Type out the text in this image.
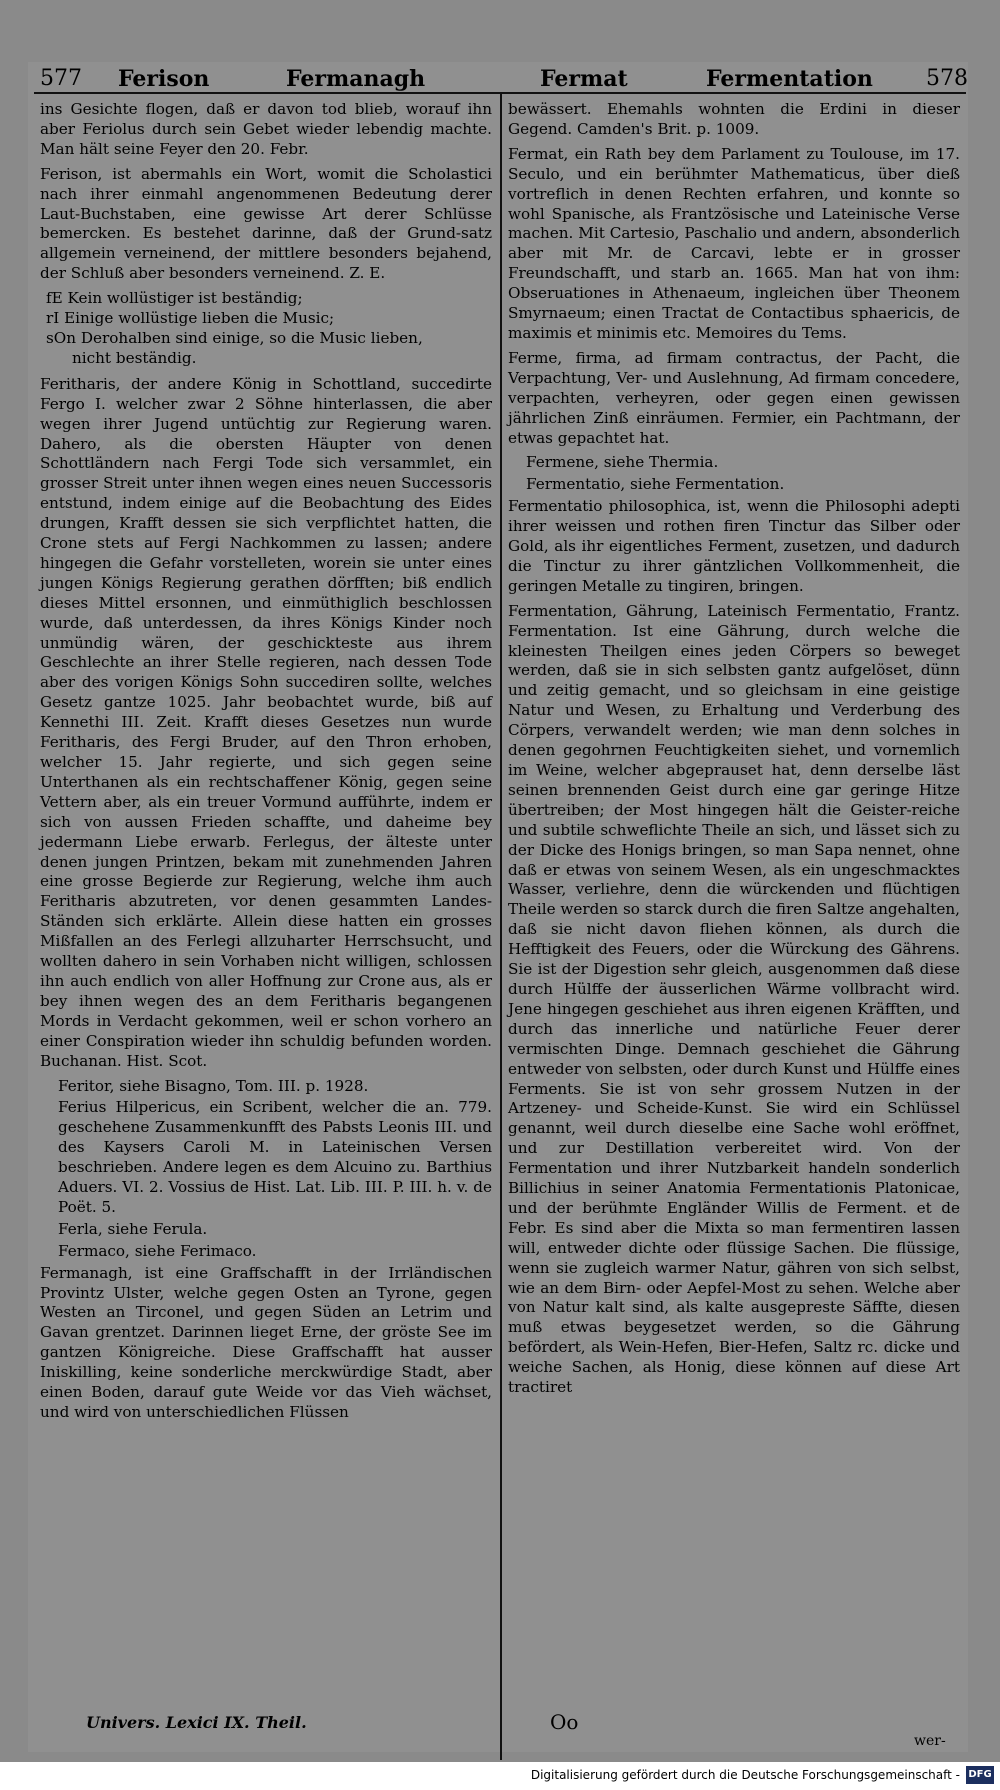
577 Ferison	Fermanagh	Fermat	Fermentation 578

ins Gesichte flogen, daß er davon tod blieb, worauf ihn aber Feriolus durch sein Gebet wieder lebendig machte. Man hält seine Feyer den 20. Febr.

Ferison, ist abermahls ein Wort, womit die Scholastici nach ihrer einmahl angenommenen Bedeutung derer Laut-Buchstaben, eine gewisse Art derer Schlüsse bemercken. Es bestehet darinne, daß der Grund-satz allgemein verneinend, der mittlere besonders bejahend, der Schluß aber besonders verneinend. Z. E.

fE Kein wollüstiger ist beständig;
rI Einige wollüstige lieben die Music;
sOn Derohalben sind einige, so die Music lieben,
nicht beständig.

Feritharis, der andere König in Schottland, succedirte Fergo I. welcher zwar 2 Söhne hinterlassen, die aber wegen ihrer Jugend untüchtig zur Regierung waren. Dahero, als die obersten Häupter von denen Schottländern nach Fergi Tode sich versammlet, ein grosser Streit unter ihnen wegen eines neuen Successoris entstund, indem einige auf die Beobachtung des Eides drungen, Krafft dessen sie sich verpflichtet hatten, die Crone stets auf Fergi Nachkommen zu lassen; andere hingegen die Gefahr vorstelleten, worein sie unter eines jungen Königs Regierung gerathen dörfften; biß endlich dieses Mittel ersonnen, und einmüthiglich beschlossen wurde, daß unterdessen, da ihres Königs Kinder noch unmündig wären, der geschickteste aus ihrem Geschlechte an ihrer Stelle regieren, nach dessen Tode aber des vorigen Königs Sohn succediren sollte, welches Gesetz gantze 1025. Jahr beobachtet wurde, biß auf Kennethi III. Zeit. Krafft dieses Gesetzes nun wurde Feritharis, des Fergi Bruder, auf den Thron erhoben, welcher 15. Jahr regierte, und sich gegen seine Unterthanen als ein rechtschaffener König, gegen seine Vettern aber, als ein treuer Vormund aufführte, indem er sich von aussen Frieden schaffte, und daheime bey jedermann Liebe erwarb. Ferlegus, der älteste unter denen jungen Printzen, bekam mit zunehmenden Jahren eine grosse Begierde zur Regierung, welche ihm auch Feritharis abzutreten, vor denen gesammten Landes-Ständen sich erklärte. Allein diese hatten ein grosses Mißfallen an des Ferlegi allzuharter Herrschsucht, und wollten dahero in sein Vorhaben nicht willigen, schlossen ihn auch endlich von aller Hoffnung zur Crone aus, als er bey ihnen wegen des an dem Feritharis begangenen Mords in Verdacht gekommen, weil er schon vorhero an einer Conspiration wieder ihn schuldig befunden worden. Buchanan. Hist. Scot.

Feritor, siehe Bisagno, Tom. III. p. 1928.

Ferius Hilpericus, ein Scribent, welcher die an. 779. geschehene Zusammenkunfft des Pabsts Leonis III. und des Kaysers Caroli M. in Lateinischen Versen beschrieben. Andere legen es dem Alcuino zu. Barthius Aduers. VI. 2. Vossius de Hist. Lat. Lib. III. P. III. h. v. de Poët. 5.

Ferla, siehe Ferula.

Fermaco, siehe Ferimaco.

Fermanagh, ist eine Graffschafft in der Irrländischen Provintz Ulster, welche gegen Osten an Tyrone, gegen Westen an Tirconel, und gegen Süden an Letrim und Gavan grentzet. Darinnen lieget Erne, der gröste See im gantzen Königreiche. Diese Graffschafft hat ausser Iniskilling, keine sonderliche merckwürdige Stadt, aber einen Boden, darauf gute Weide vor das Vieh wächset, und wird von unterschiedlichen Flüssen

bewässert. Ehemahls wohnten die Erdini in dieser Gegend. Camden's Brit. p. 1009.

Fermat, ein Rath bey dem Parlament zu Toulouse, im 17. Seculo, und ein berühmter Mathematicus, über dieß vortreflich in denen Rechten erfahren, und konnte so wohl Spanische, als Frantzösische und Lateinische Verse machen. Mit Cartesio, Paschalio und andern, absonderlich aber mit Mr. de Carcavi, lebte er in grosser Freundschafft, und starb an. 1665. Man hat von ihm: Obseruationes in Athenaeum, ingleichen über Theonem Smyrnaeum; einen Tractat de Contactibus sphaericis, de maximis et minimis etc. Memoires du Tems.

Ferme, firma, ad firmam contractus, der Pacht, die Verpachtung, Ver- und Auslehnung, Ad firmam concedere, verpachten, verheyren, oder gegen einen gewissen jährlichen Zinß einräumen. Fermier, ein Pachtmann, der etwas gepachtet hat.

Fermene, siehe Thermia.

Fermentatio, siehe Fermentation.

Fermentatio philosophica, ist, wenn die Philosophi adepti ihrer weissen und rothen firen Tinctur das Silber oder Gold, als ihr eigentliches Ferment, zusetzen, und dadurch die Tinctur zu ihrer gäntzlichen Vollkommenheit, die geringen Metalle zu tingiren, bringen.

Fermentation, Gährung, Lateinisch Fermentatio, Frantz. Fermentation. Ist eine Gährung, durch welche die kleinesten Theilgen eines jeden Cörpers so beweget werden, daß sie in sich selbsten gantz aufgelöset, dünn und zeitig gemacht, und so gleichsam in eine geistige Natur und Wesen, zu Erhaltung und Verderbung des Cörpers, verwandelt werden; wie man denn solches in denen gegohrnen Feuchtigkeiten siehet, und vornemlich im Weine, welcher abgeprauset hat, denn derselbe läst seinen brennenden Geist durch eine gar geringe Hitze übertreiben; der Most hingegen hält die Geister-reiche und subtile schweflichte Theile an sich, und lässet sich zu der Dicke des Honigs bringen, so man Sapa nennet, ohne daß er etwas von seinem Wesen, als ein ungeschmacktes Wasser, verliehre, denn die würckenden und flüchtigen Theile werden so starck durch die firen Saltze angehalten, daß sie nicht davon fliehen können, als durch die Hefftigkeit des Feuers, oder die Würckung des Gährens. Sie ist der Digestion sehr gleich, ausgenommen daß diese durch Hülffe der äusserlichen Wärme vollbracht wird. Jene hingegen geschiehet aus ihren eigenen Kräfften, und durch das innerliche und natürliche Feuer derer vermischten Dinge. Demnach geschiehet die Gährung entweder von selbsten, oder durch Kunst und Hülffe eines Ferments. Sie ist von sehr grossem Nutzen in der Artzeney- und Scheide-Kunst. Sie wird ein Schlüssel genannt, weil durch dieselbe eine Sache wohl eröffnet, und zur Destillation verbereitet wird. Von der Fermentation und ihrer Nutzbarkeit handeln sonderlich Billichius in seiner Anatomia Fermentationis Platonicae, und der berühmte Engländer Willis de Ferment. et de Febr. Es sind aber die Mixta so man fermentiren lassen will, entweder dichte oder flüssige Sachen. Die flüssige, wenn sie zugleich warmer Natur, gähren von sich selbst, wie an dem Birn- oder Aepfel-Most zu sehen. Welche aber von Natur kalt sind, als kalte ausgepreste Säffte, diesen muß etwas beygesetzet werden, so die Gährung befördert, als Wein-Hefen, Bier-Hefen, Saltz rc. dicke und weiche Sachen, als Honig, diese können auf diese Art tractiret

Univers. Lexici IX. Theil.	Oo
wer-
Digitalisierung gefördert durch die Deutsche Forschungsgemeinschaft - DFG
